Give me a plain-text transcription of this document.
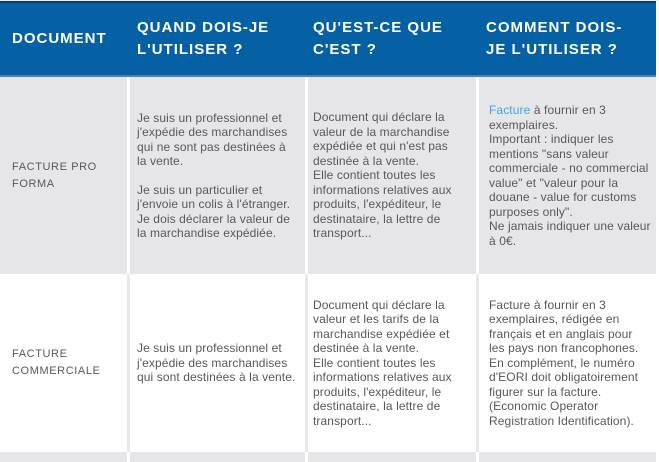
DOCUMENT
QUAND DOIS-JE
L'UTILISER ?
QU'EST-CE QUE
C'EST ?
COMMENT DOIS-
JE L'UTILISER ?
FACTURE PRO FORMA
Je suis un professionnel et j'expédie des marchandises qui ne sont pas destinées à la vente.
Je suis un particulier et j'envoie un colis à l'étranger. Je dois déclarer la valeur de la marchandise expédiée.
Document qui déclare la valeur de la marchandise expédiée et qui n'est pas destinée à la vente.
Elle contient toutes les informations relatives aux produits, l'expéditeur, le destinataire, la lettre de transport...
Facture à fournir en 3 exemplaires.
Important : indiquer les mentions "sans valeur commerciale - no commercial value" et "valeur pour la douane - value for customs purposes only".
Ne jamais indiquer une valeur à 0€.
FACTURE COMMERCIALE
Je suis un professionnel et j'expédie des marchandises qui sont destinées à la vente.
Document qui déclare la valeur et les tarifs de la marchandise expédiée et destinée à la vente.
Elle contient toutes les informations relatives aux produits, l'expéditeur, le destinataire, la lettre de transport...
Facture à fournir en 3 exemplaires, rédigée en français et en anglais pour les pays non francophones.
En complément, le numéro d'EORI doit obligatoirement figurer sur la facture. (Economic Operator Registration Identification).
